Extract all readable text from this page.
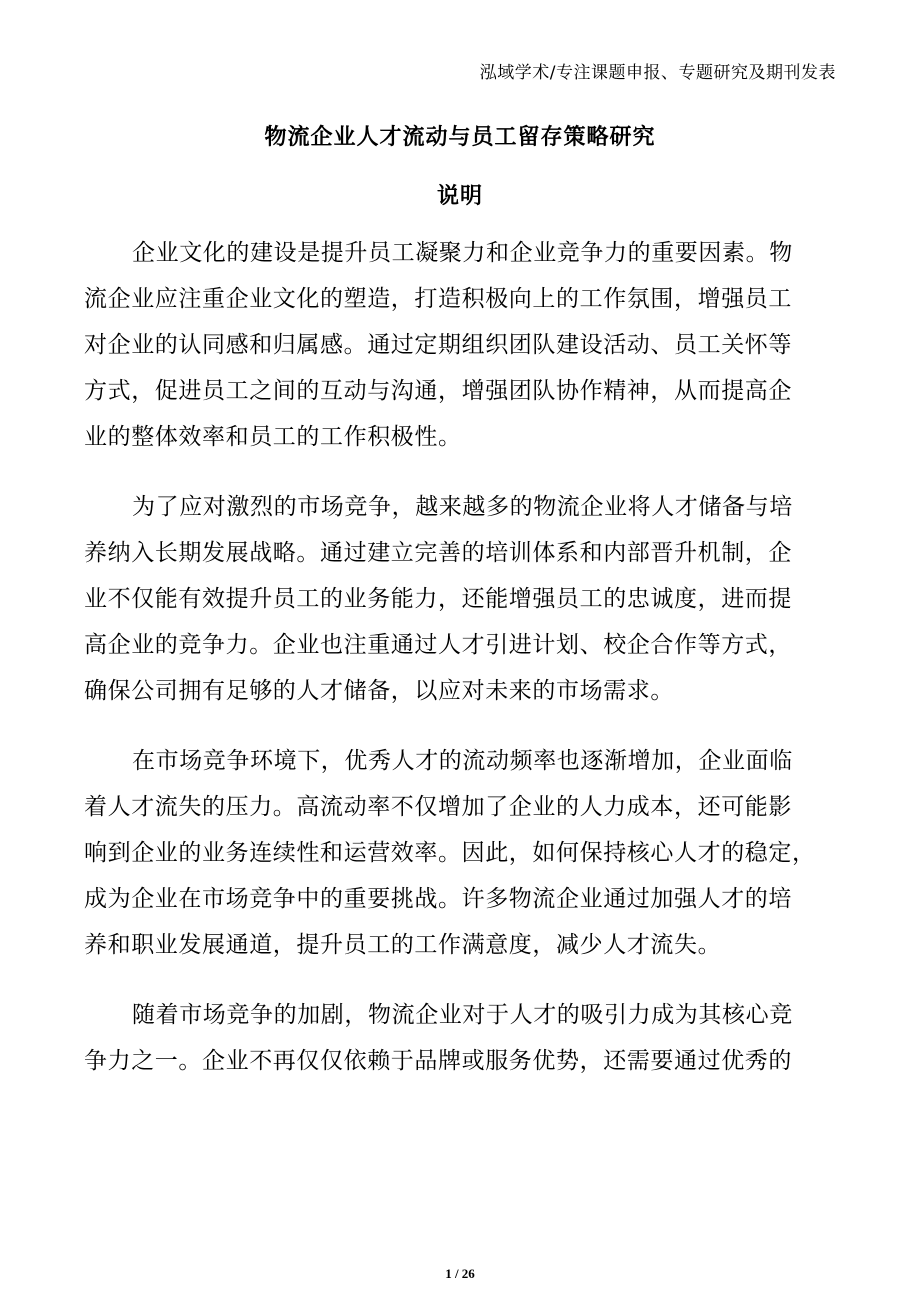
泓域学术/专注课题申报、专题研究及期刊发表
物流企业人才流动与员工留存策略研究
说明
企业文化的建设是提升员工凝聚力和企业竞争力的重要因素。物
流企业应注重企业文化的塑造，打造积极向上的工作氛围，增强员工
对企业的认同感和归属感。通过定期组织团队建设活动、员工关怀等
方式，促进员工之间的互动与沟通，增强团队协作精神，从而提高企
业的整体效率和员工的工作积极性。
为了应对激烈的市场竞争，越来越多的物流企业将人才储备与培
养纳入长期发展战略。通过建立完善的培训体系和内部晋升机制，企
业不仅能有效提升员工的业务能力，还能增强员工的忠诚度，进而提
高企业的竞争力。企业也注重通过人才引进计划、校企合作等方式，
确保公司拥有足够的人才储备，以应对未来的市场需求。
在市场竞争环境下，优秀人才的流动频率也逐渐增加，企业面临
着人才流失的压力。高流动率不仅增加了企业的人力成本，还可能影
响到企业的业务连续性和运营效率。因此，如何保持核心人才的稳定，
成为企业在市场竞争中的重要挑战。许多物流企业通过加强人才的培
养和职业发展通道，提升员工的工作满意度，减少人才流失。
随着市场竞争的加剧，物流企业对于人才的吸引力成为其核心竞
争力之一。企业不再仅仅依赖于品牌或服务优势，还需要通过优秀的
1 / 26
